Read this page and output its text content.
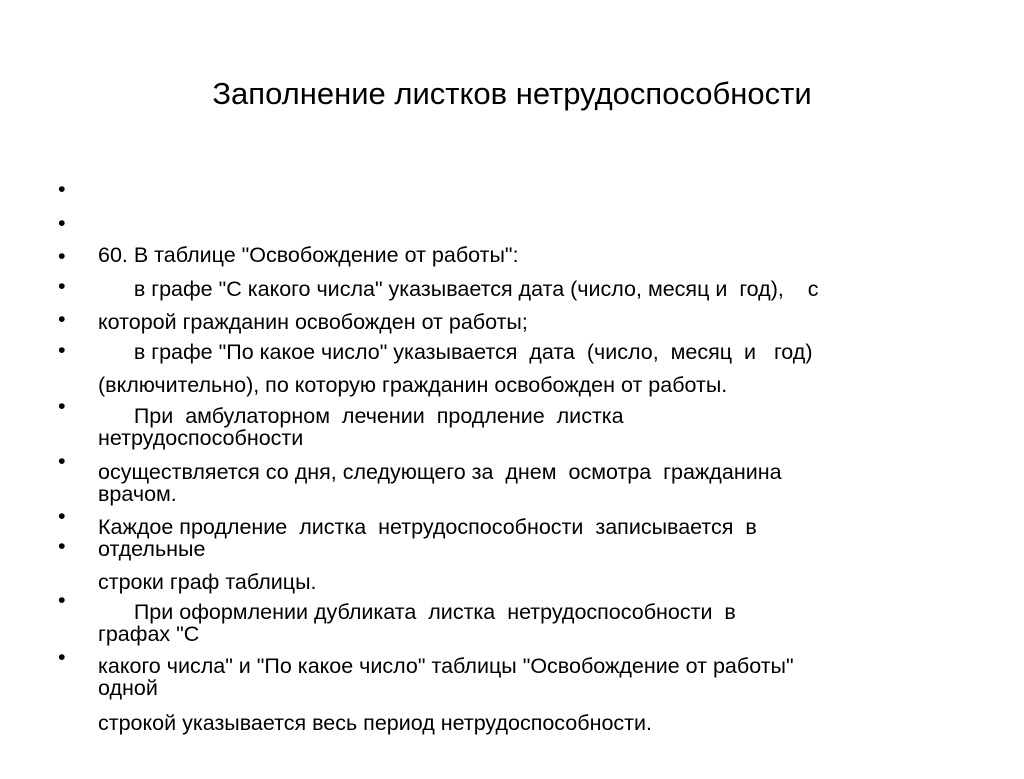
Заполнение листков нетрудоспособности

•

60. В таблице "Освобождение от работы":

•

в графе "С какого числа" указывается дата (число, месяц и  год),    с

•

которой гражданин освобожден от работы;

•

в графе "По какое число" указывается  дата  (число,  месяц  и   год)

•

(включительно), по которую гражданин освобожден от работы.

•

При  амбулаторном  лечении  продление  листка
нетрудоспособности

•

осуществляется со дня, следующего за  днем  осмотра  гражданина
врачом.

•

Каждое продление  листка  нетрудоспособности  записывается  в
отдельные

•

строки граф таблицы.

•

При оформлении дубликата  листка  нетрудоспособности  в
графах "С

•

какого числа" и "По какое число" таблицы "Освобождение от работы"
одной

•

строкой указывается весь период нетрудоспособности.
